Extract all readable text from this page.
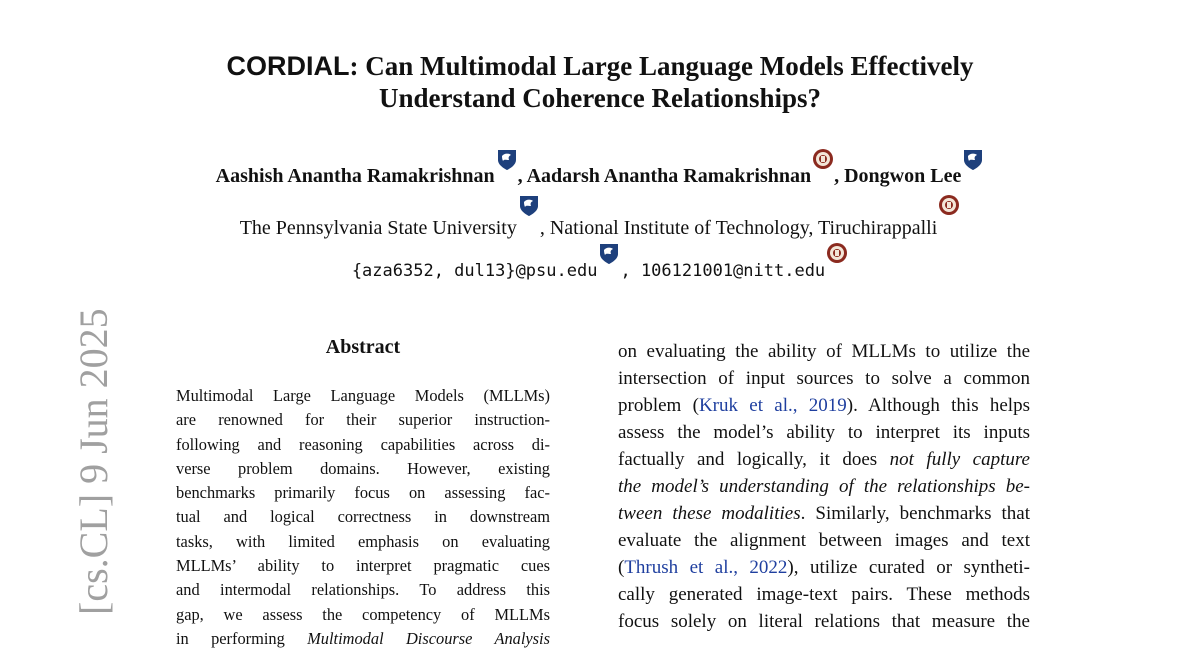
CORDIAL: Can Multimodal Large Language Models Effectively
Understand Coherence Relationships?
Aashish Anantha Ramakrishnan , Aadarsh Anantha Ramakrishnan , Dongwon Lee
The Pennsylvania State University , National Institute of Technology, Tiruchirappalli
{aza6352, dul13}@psu.edu , 106121001@nitt.edu
Abstract
Multimodal Large Language Models (MLLMs)
are renowned for their superior instruction-
following and reasoning capabilities across di-
verse problem domains. However, existing
benchmarks primarily focus on assessing fac-
tual and logical correctness in downstream
tasks, with limited emphasis on evaluating
MLLMs’ ability to interpret pragmatic cues
and intermodal relationships. To address this
gap, we assess the competency of MLLMs
in performing Multimodal Discourse Analysis
on evaluating the ability of MLLMs to utilize the
intersection of input sources to solve a common
problem (Kruk et al., 2019). Although this helps
assess the model’s ability to interpret its inputs
factually and logically, it does not fully capture
the model’s understanding of the relationships be-
tween these modalities. Similarly, benchmarks that
evaluate the alignment between images and text
(Thrush et al., 2022), utilize curated or syntheti-
cally generated image-text pairs. These methods
focus solely on literal relations that measure the
[cs.CL] 9 Jun 2025
